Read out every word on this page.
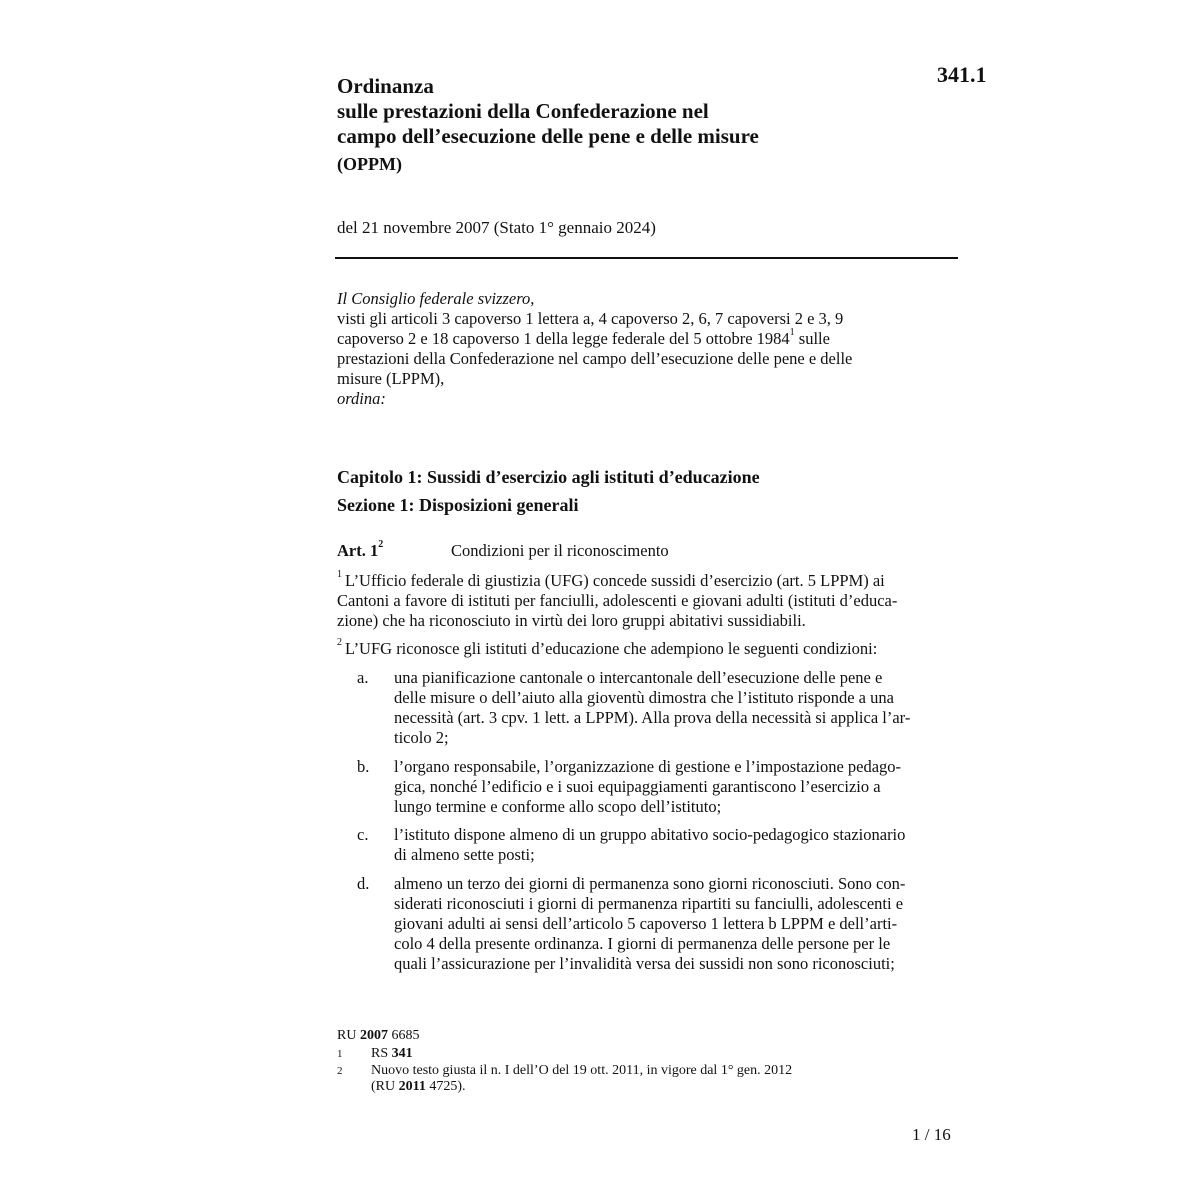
341.1
Ordinanza
sulle prestazioni della Confederazione nel
campo dell’esecuzione delle pene e delle misure
(OPPM)
del 21 novembre 2007 (Stato 1° gennaio 2024)

Il Consiglio federale svizzero,

visti gli articoli 3 capoverso 1 lettera a, 4 capoverso 2, 6, 7 capoversi 2 e 3, 9
capoverso 2 e 18 capoverso 1 della legge federale del 5 ottobre 1984$^1$ sulle
prestazioni della Confederazione nel campo dell’esecuzione delle pene e delle
misure (LPPM),

ordina:

Capitolo 1: Sussidi d’esercizio agli istituti d’educazione
Sezione 1: Disposizioni generali
Art. $1^2$	Condizioni per il riconoscimento
$^1$ L’Ufficio federale di giustizia (UFG) concede sussidi d’esercizio (art. 5 LPPM) ai
Cantoni a favore di istituti per fanciulli, adolescenti e giovani adulti (istituti d’educa-
zione) che ha riconosciuto in virtù dei loro gruppi abitativi sussidiabili.
$^2$ L’UFG riconosce gli istituti d’educazione che adempiono le seguenti condizioni:
a. una pianificazione cantonale o intercantonale dell’esecuzione delle pene e
delle misure o dell’aiuto alla gioventù dimostra che l’istituto risponde a una
necessità (art. 3 cpv. 1 lett. a LPPM). Alla prova della necessità si applica l’ar-
ticolo 2;
b. l’organo responsabile, l’organizzazione di gestione e l’impostazione pedago-
gica, nonché l’edificio e i suoi equipaggiamenti garantiscono l’esercizio a
lungo termine e conforme allo scopo dell’istituto;
c. l’istituto dispone almeno di un gruppo abitativo socio-pedagogico stazionario
di almeno sette posti;
d. almeno un terzo dei giorni di permanenza sono giorni riconosciuti. Sono con-
siderati riconosciuti i giorni di permanenza ripartiti su fanciulli, adolescenti e
giovani adulti ai sensi dell’articolo 5 capoverso 1 lettera b LPPM e dell’arti-
colo 4 della presente ordinanza. I giorni di permanenza delle persone per le
quali l’assicurazione per l’invalidità versa dei sussidi non sono riconosciuti;
RU 2007 6685
1 RS 341
2 Nuovo testo giusta il n. I dell’O del 19 ott. 2011, in vigore dal 1° gen. 2012
(RU 2011 4725).
1 / 16
